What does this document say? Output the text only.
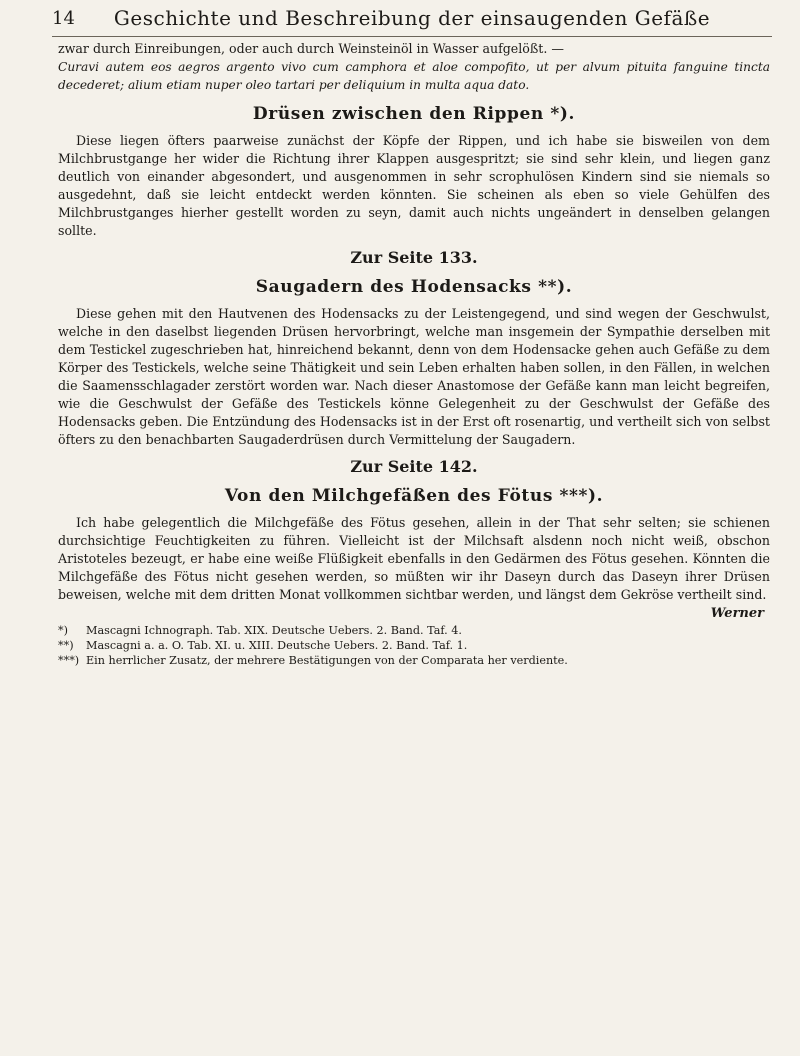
14	Geschichte und Beschreibung der einsaugenden Gefäße

zwar durch Einreibungen, oder auch durch Weinsteinöl in Wasser aufgelößt. —

Curavi autem eos aegros argento vivo cum camphora et aloe compofito, ut per alvum pituita fanguine tincta decederet; alium etiam nuper oleo tartari per deliquium in multa aqua dato.

Drüsen zwischen den Rippen *).

Diese liegen öfters paarweise zunächst der Köpfe der Rippen, und ich habe sie bisweilen von dem Milchbrustgange her wider die Richtung ihrer Klappen ausgespritzt; sie sind sehr klein, und liegen ganz deutlich von einander abgesondert, und ausgenommen in sehr scrophulösen Kindern sind sie niemals so ausgedehnt, daß sie leicht entdeckt werden könnten. Sie scheinen als eben so viele Gehülfen des Milchbrustganges hierher gestellt worden zu seyn, damit auch nichts ungeändert in denselben gelangen sollte.

Zur Seite 133.
Saugadern des Hodensacks **).

Diese gehen mit den Hautvenen des Hodensacks zu der Leistengegend, und sind wegen der Geschwulst, welche in den daselbst liegenden Drüsen hervorbringt, welche man insgemein der Sympathie derselben mit dem Testickel zugeschrieben hat, hinreichend bekannt, denn von dem Hodensacke gehen auch Gefäße zu dem Körper des Testickels, welche seine Thätigkeit und sein Leben erhalten haben sollen, in den Fällen, in welchen die Saamensschlagader zerstört worden war. Nach dieser Anastomose der Gefäße kann man leicht begreifen, wie die Geschwulst der Gefäße des Testickels könne Gelegenheit zu der Geschwulst der Gefäße des Hodensacks geben. Die Entzündung des Hodensacks ist in der Erst oft rosenartig, und vertheilt sich von selbst öfters zu den benachbarten Saugaderdrüsen durch Vermittelung der Saugadern.

Zur Seite 142.
Von den Milchgefäßen des Fötus ***).

Ich habe gelegentlich die Milchgefäße des Fötus gesehen, allein in der That sehr selten; sie schienen durchsichtige Feuchtigkeiten zu führen. Vielleicht ist der Milchsaft alsdenn noch nicht weiß, obschon Aristoteles bezeugt, er habe eine weiße Flüßigkeit ebenfalls in den Gedärmen des Fötus gesehen. Könnten die Milchgefäße des Fötus nicht gesehen werden, so müßten wir ihr Daseyn durch das Daseyn ihrer Drüsen beweisen, welche mit dem dritten Monat vollkommen sichtbar werden, und längst dem Gekröse vertheilt sind.

Werner

*) Mascagni Ichnograph. Tab. XIX. Deutsche Uebers. 2. Band. Taf. 4.

**) Mascagni a. a. O. Tab. XI. u. XIII. Deutsche Uebers. 2. Band. Taf. 1.

***) Ein herrlicher Zusatz, der mehrere Bestätigungen von der Comparata her verdiente.
